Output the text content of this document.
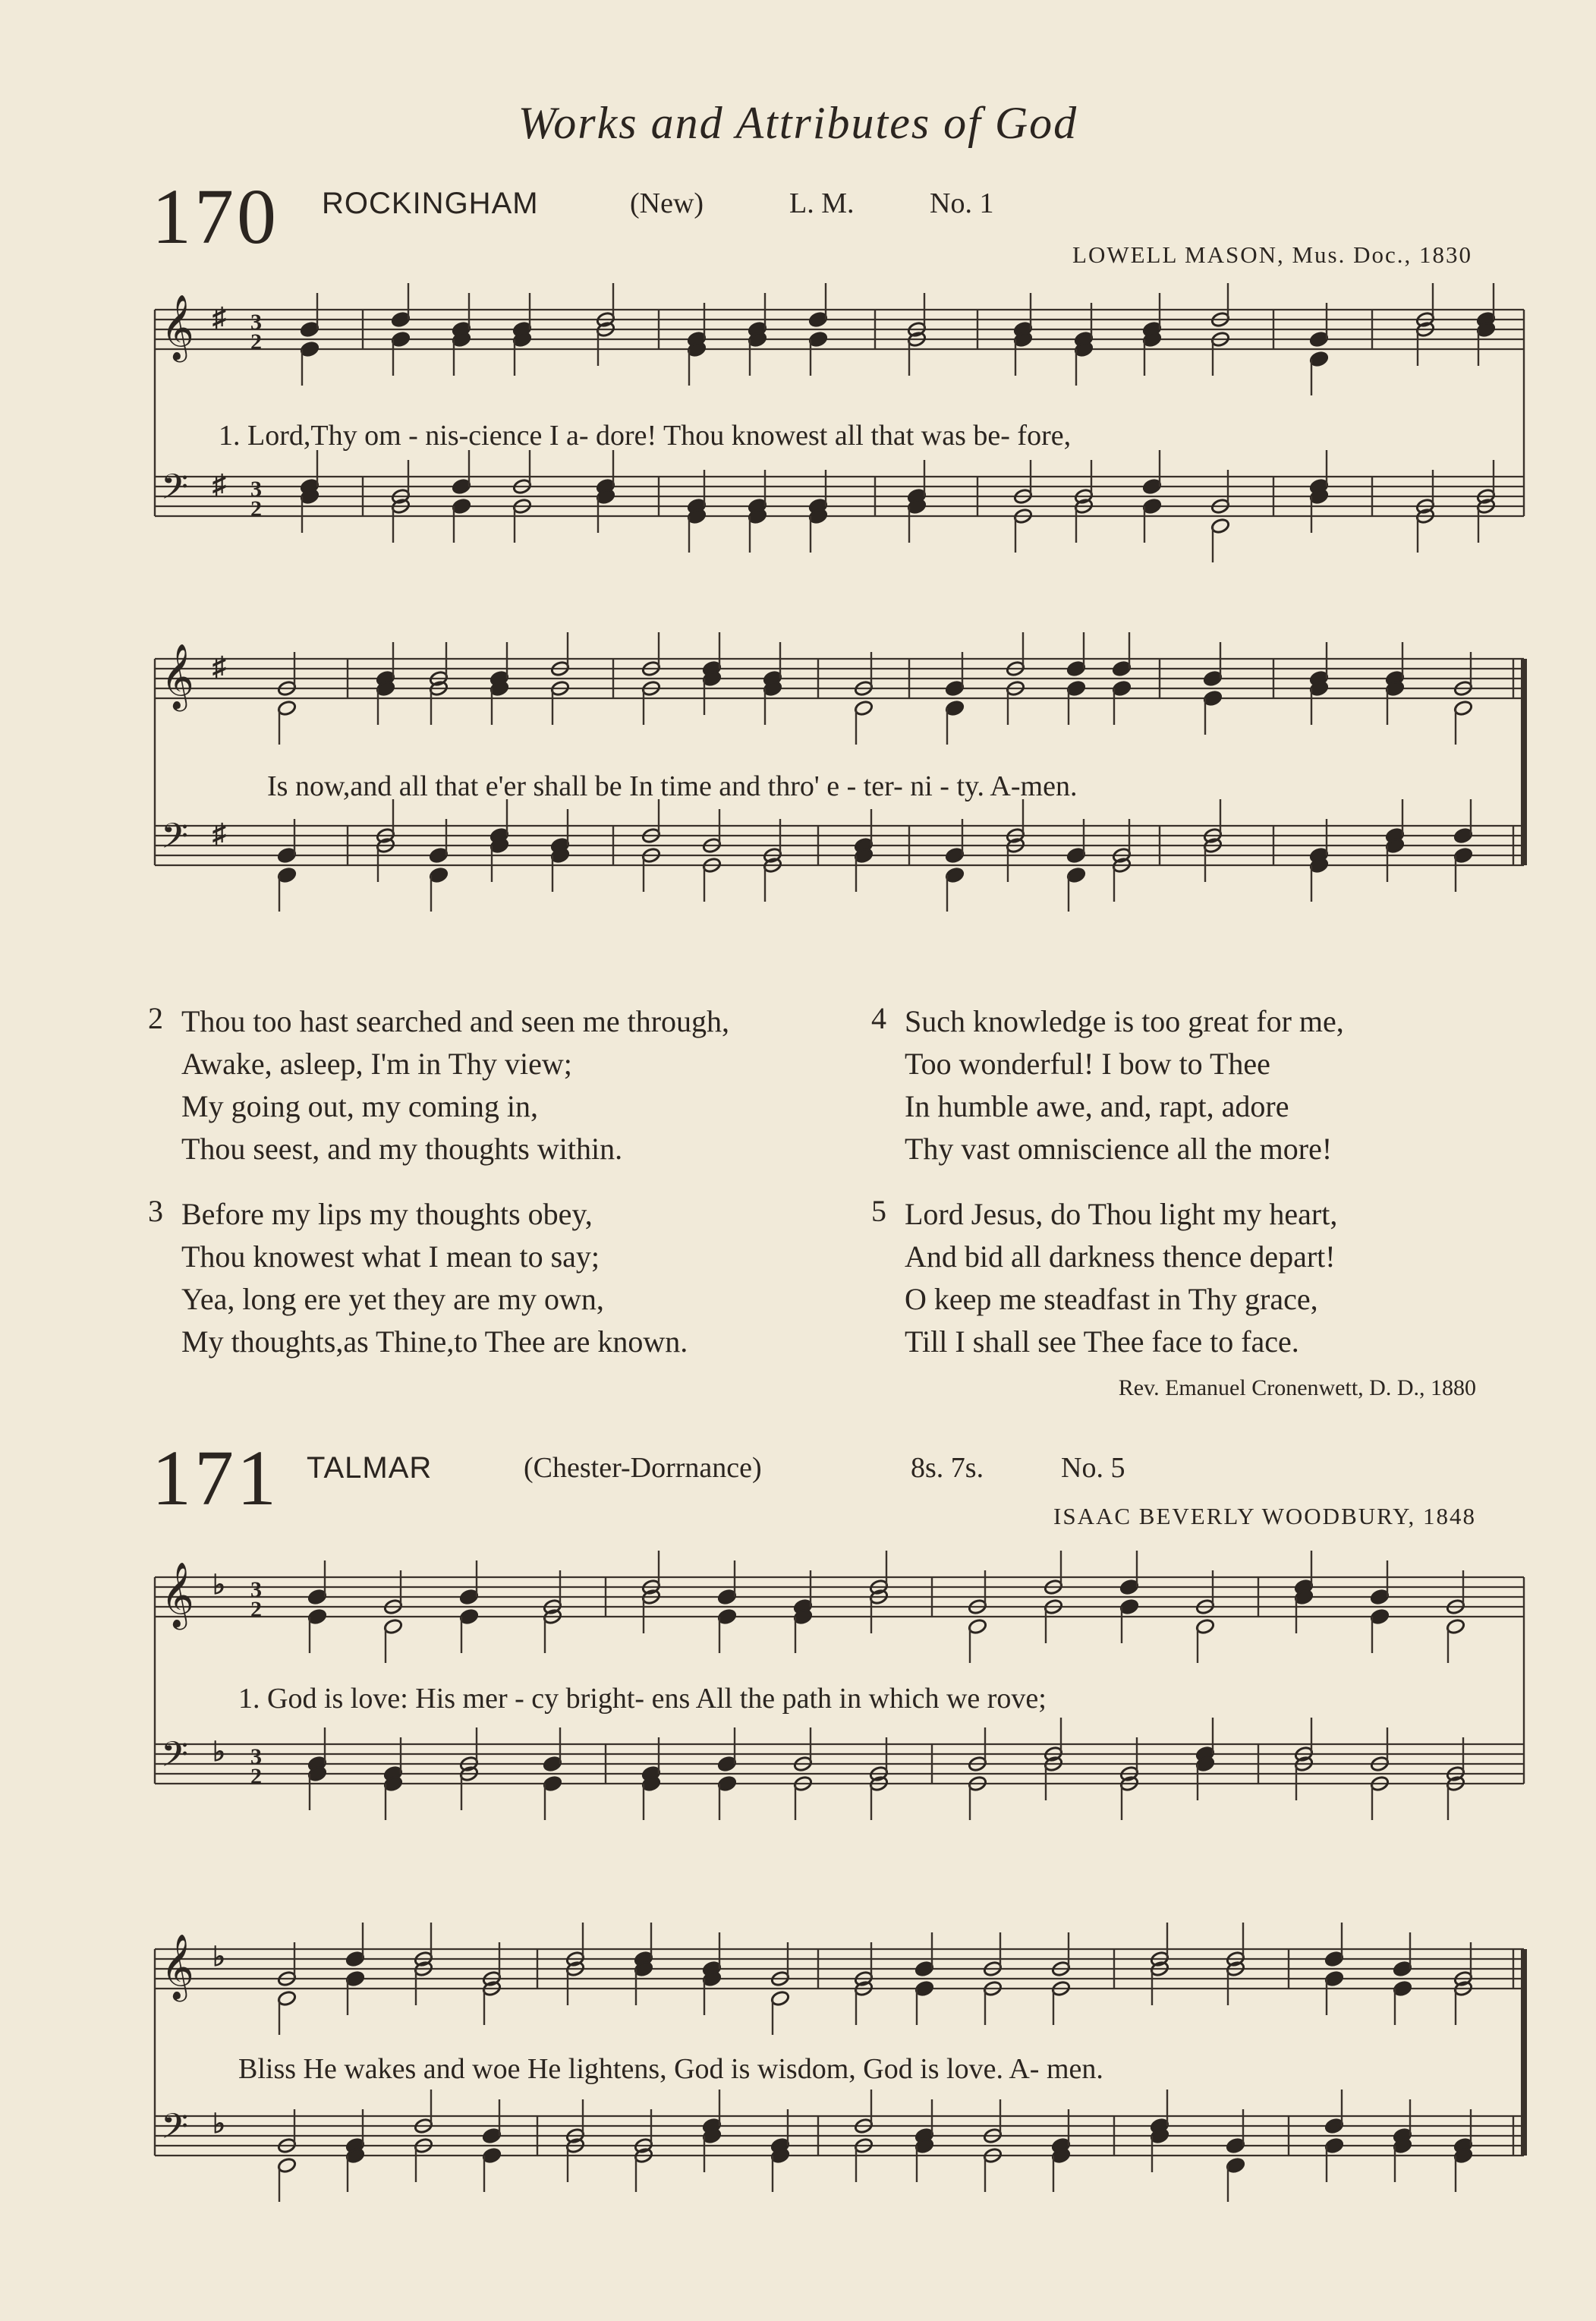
Works and Attributes of God
170 ROCKINGHAM	(New)	L. M.	No. 1
LOWELL MASON, Mus. Doc., 1830
𝄞 3
2
♯
𝄢	3
2
♯
1. Lord,Thy om - nis-cience I a- dore! Thou knowest all that was be- fore,
𝄞 ♯
𝄢 ♯
Is now,and all that e'er shall be In time and thro' e - ter- ni - ty. A-men.
2 Thou too hast searched and seen me through,
Awake, asleep, I'm in Thy view;
My going out, my coming in,
Thou seest, and my thoughts within.
3 Before my lips my thoughts obey,
Thou knowest what I mean to say;
Yea, long ere yet they are my own,
My thoughts,as Thine,to Thee are known.
4 Such knowledge is too great for me,
Too wonderful! I bow to Thee
In humble awe, and, rapt, adore
Thy vast omniscience all the more!
5 Lord Jesus, do Thou light my heart,
And bid all darkness thence depart!
O keep me steadfast in Thy grace,
Till I shall see Thee face to face.
Rev. Emanuel Cronenwett, D. D., 1880
171 TALMAR	(Chester-Dorrnance)	8s. 7s.	No. 5
ISAAC BEVERLY WOODBURY, 1848
𝄞 3
2
♭
𝄢	3
2
♭
1. God is love: His mer - cy bright- ens All the path in which we rove;
𝄞 ♭
𝄢 ♭
Bliss He wakes and woe He lightens, God is wisdom, God is love. A- men.
